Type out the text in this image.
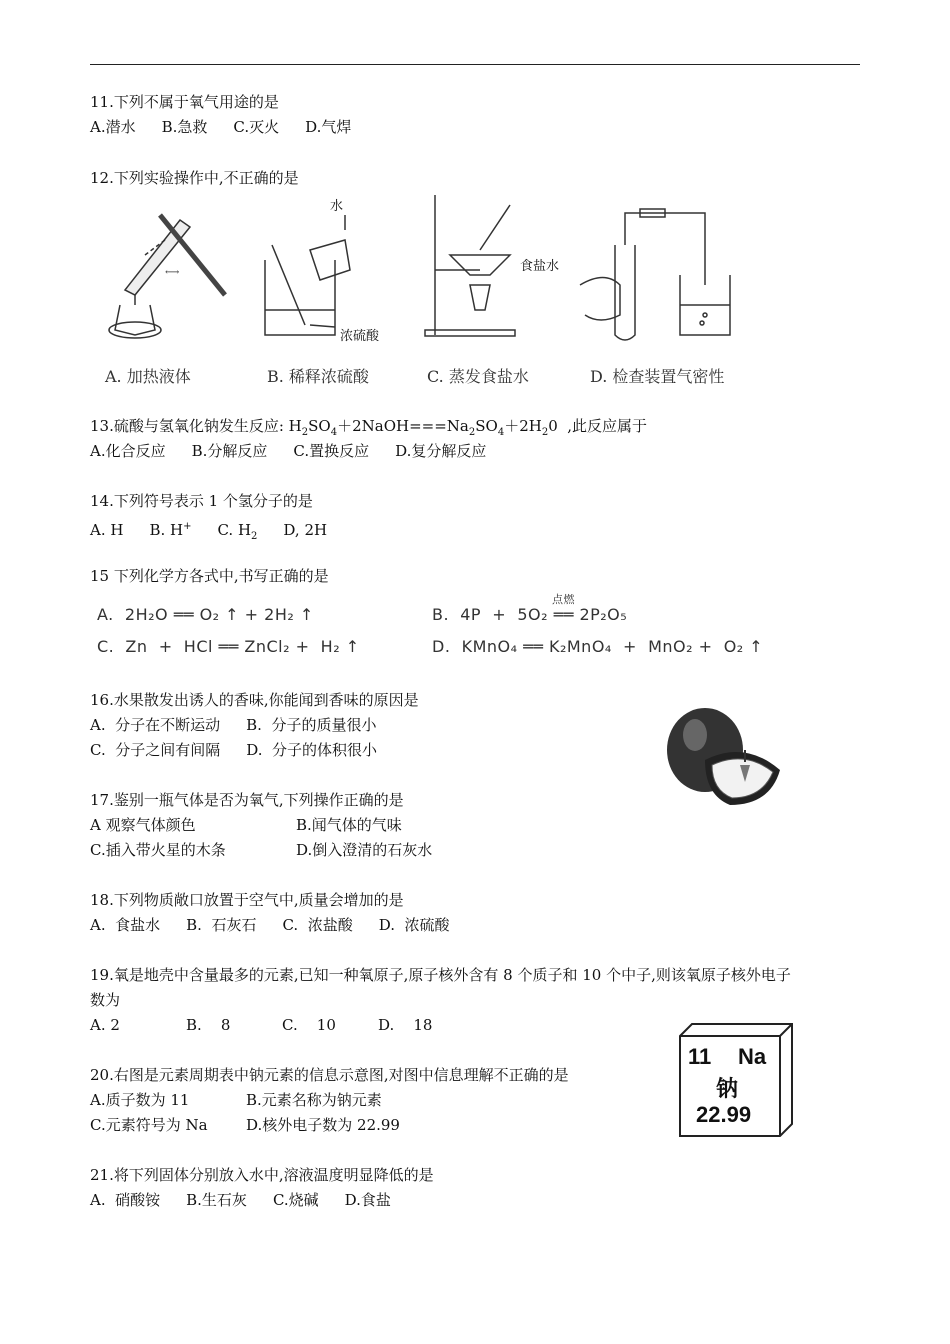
11.下列不属于氧气用途的是
A.潜水 B.急救 C.灭火 D.气焊
12.下列实验操作中,不正确的是
⟷
水
浓硫酸
食盐水
A. 加热液体	B. 稀释浓硫酸	C. 蒸发食盐水	D. 检查装置气密性
13.硫酸与氢氧化钠发生反应: $H_2SO_4+2NaOH===Na_2SO_4+2H_20$  ,此反应属于
A.化合反应 B.分解反应 C.置换反应 D.复分解反应
14.下列符号表示 1 个氢分子的是
A. H B. H+ C. $H_2$ D, 2H
15 下列化学方各式中,书写正确的是
A.  2H₂O ══ O₂ ↑ + 2H₂ ↑	B.  4P  +  5O₂ ══ 2P₂O₅
点燃
C.  Zn  +  HCl ══ ZnCl₂ +  H₂ ↑	D.  KMnO₄ ══ K₂MnO₄  +  MnO₂ +  O₂ ↑
16.水果散发出诱人的香味,你能闻到香味的原因是
A.  分子在不断运动 B.  分子的质量很小
C.  分子之间有间隔 D.  分子的体积很小
17.鉴别一瓶气体是否为氧气,下列操作正确的是
A 观察气体颜色	B.闻气体的气味
C.插入带火星的木条	D.倒入澄清的石灰水
18.下列物质敞口放置于空气中,质量会增加的是
A.  食盐水 B.  石灰石 C.  浓盐酸 D.  浓硫酸
19.氧是地壳中含量最多的元素,已知一种氧原子,原子核外含有 8 个质子和 10 个中子,则该氧原子核外电子
数为
A. 2	B.    8	C.    10	D.    18
20.右图是元素周期表中钠元素的信息示意图,对图中信息理解不正确的是
A.质子数为 11	B.元素名称为钠元素
C.元素符号为 Na	D.核外电子数为 22.99
11 Na
钠
22.99
21.将下列固体分别放入水中,溶液温度明显降低的是
A.  硝酸铵 B.生石灰 C.烧碱 D.食盐
